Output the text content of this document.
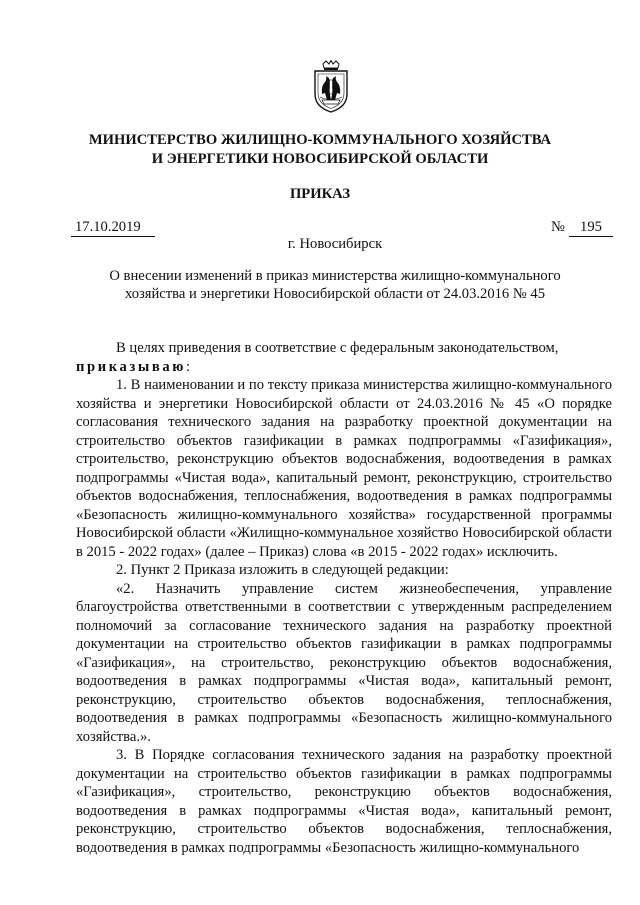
МИНИСТЕРСТВО ЖИЛИЩНО-КОММУНАЛЬНОГО ХОЗЯЙСТВА
И ЭНЕРГЕТИКИ НОВОСИБИРСКОЙ ОБЛАСТИ
ПРИКАЗ
17.10.2019	№	195
г. Новосибирск
О внесении изменений в приказ министерства жилищно-коммунального
хозяйства и энергетики Новосибирской области от 24.03.2016 № 45

В целях приведения в соответствие с федеральным законодательством,

приказываю:

1. В наименовании и по тексту приказа министерства жилищно-коммунального хозяйства и энергетики Новосибирской области от 24.03.2016 № 45 «О порядке согласования технического задания на разработку проектной документации на строительство объектов газификации в рамках подпрограммы «Газификация», строительство, реконструкцию объектов водоснабжения, водоотведения в рамках подпрограммы «Чистая вода», капитальный ремонт, реконструкцию, строительство объектов водоснабжения, теплоснабжения, водоотведения в рамках подпрограммы «Безопасность жилищно-коммунального хозяйства» государственной программы Новосибирской области «Жилищно-коммунальное хозяйство Новосибирской области в 2015 - 2022 годах» (далее – Приказ) слова «в 2015 - 2022 годах» исключить.

2. Пункт 2 Приказа изложить в следующей редакции:

«2. Назначить управление систем жизнеобеспечения, управление благоустройства ответственными в соответствии с утвержденным распределением полномочий за согласование технического задания на разработку проектной документации на строительство объектов газификации в рамках подпрограммы «Газификация», на строительство, реконструкцию объектов водоснабжения, водоотведения в рамках подпрограммы «Чистая вода», капитальный ремонт, реконструкцию, строительство объектов водоснабжения, теплоснабжения, водоотведения в рамках подпрограммы «Безопасность жилищно-коммунального хозяйства.».

3. В Порядке согласования технического задания на разработку проектной документации на строительство объектов газификации в рамках подпрограммы «Газификация», строительство, реконструкцию объектов водоснабжения, водоотведения в рамках подпрограммы «Чистая вода», капитальный ремонт, реконструкцию, строительство объектов водоснабжения, теплоснабжения, водоотведения в рамках подпрограммы «Безопасность жилищно-коммунального
